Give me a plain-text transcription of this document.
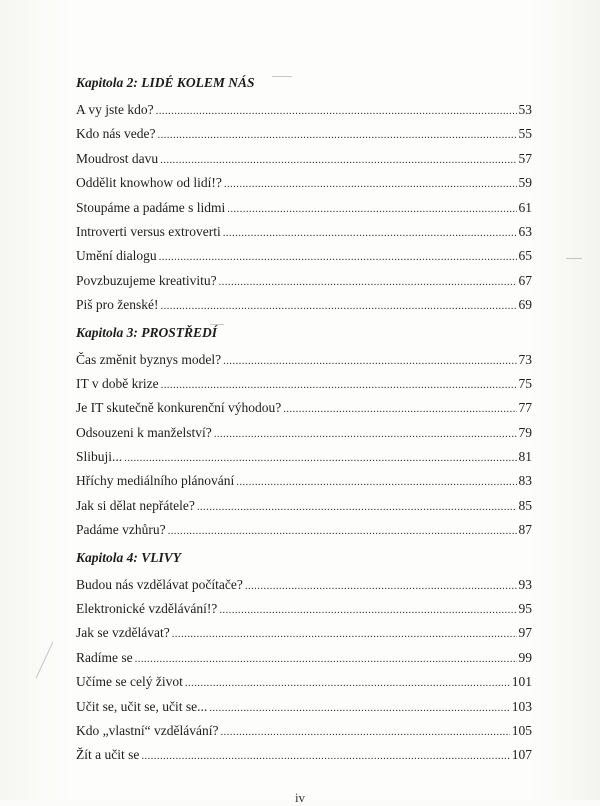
Kapitola 2: LIDÉ KOLEM NÁS
A vy jste kdo? . . .	53
Kdo nás vede? . . .	55
Moudrost davu . . .	57
Oddělit knowhow od lidí!? . . .	59
Stoupáme a padáme s lidmi . . .	61
Introverti versus extroverti . . .	63
Umění dialogu . . .	65
Povzbuzujeme kreativitu? . . .	67
Piš pro ženské! . . .	69
Kapitola 3: PROSTŘEDÍ
Čas změnit byznys model? . . .	73
IT v době krize . . .	75
Je IT skutečně konkurenční výhodou? . . .	77
Odsouzeni k manželství? . . .	79
Slibuji... . . .	81
Hříchy mediálního plánování . . .	83
Jak si dělat nepřátele? . . .	85
Padáme vzhůru? . . .	87
Kapitola 4: VLIVY
Budou nás vzdělávat počítače? . . .	93
Elektronické vzdělávání!? . . .	95
Jak se vzdělávat? . . .	97
Radíme se . . .	99
Učíme se celý život . . .	101
Učit se, učit se, učit se... . . .	103
Kdo „vlastní“ vzdělávání? . . .	105
Žít a učit se . . .	107
iv
